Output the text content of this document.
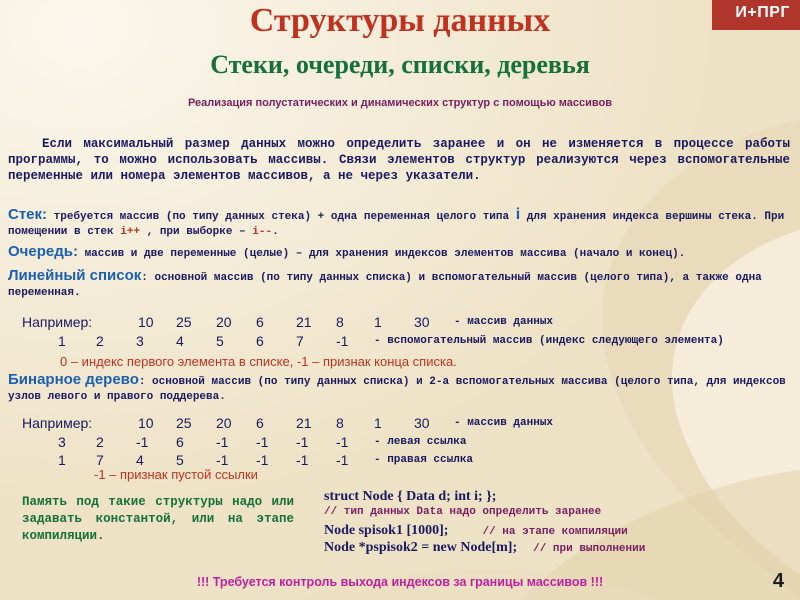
И+ПРГ
Структуры данных
Стеки, очереди, списки, деревья
Реализация полустатических и динамических структур с помощью массивов
Если максимальный размер данных можно определить заранее и он не изменяется в процессе работы программы, то можно использовать массивы. Связи элементов структур реализуются через вспомогательные переменные или номера элементов массивов, а не через указатели.
Стек: требуется массив (по типу данных стека) + одна переменная целого типа i для хранения индекса вершины стека. При помещении в стек i++ , при выборке – i--.
Очередь: массив и две переменные (целые) – для хранения индексов элементов массива (начало и конец).
Линейный список: основной массив (по типу данных списка) и вспомогательный массив (целого типа), а также одна переменная.
Например:	10 25 20 6 21 8 1 30 - массив данных
1 2 3 4 5 6 7 -1 - вспомогательный массив (индекс следующего элемента)
0 – индекс первого элемента в списке, -1 – признак конца списка.
Бинарное дерево: основной массив (по типу данных списка) и 2-а вспомогательных массива (целого типа, для индексов узлов левого и правого поддерева.
Например:	10 25 20 6 21 8 1 30 - массив данных
3 2 -1 6 -1 -1 -1 -1 - левая ссылка
1 7 4 5 -1 -1 -1 -1 - правая ссылка
-1 – признак пустой ссылки
Память под такие структуры надо или задавать константой, или на этапе компиляции.
struct Node { Data d; int i; };
// тип данных Data надо определить заранее
Node spisok1 [1000];	// на этапе компиляции
Node *pspisok2 = new Node[m]; // при выполнении
!!! Требуется контроль выхода индексов за границы массивов !!!	4
